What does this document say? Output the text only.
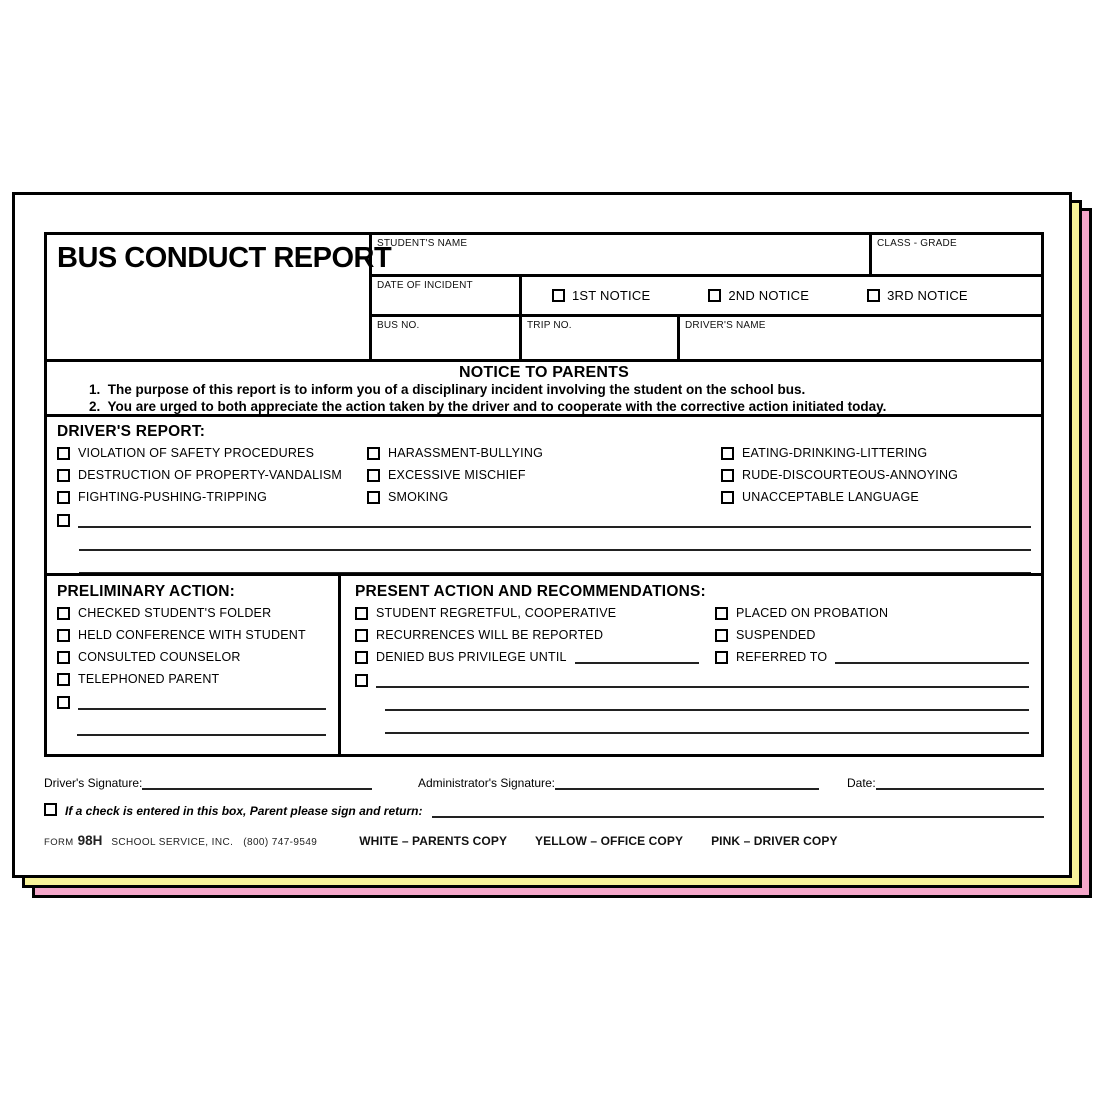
BUS CONDUCT REPORT
STUDENT'S NAME	CLASS - GRADE
DATE OF INCIDENT
1ST NOTICE	2ND NOTICE	3RD NOTICE
BUS NO.	TRIP NO.	DRIVER'S NAME
NOTICE TO PARENTS
1.  The purpose of this report is to inform you of a disciplinary incident involving the student on the school bus.
2.  You are urged to both appreciate the action taken by the driver and to cooperate with the corrective action initiated today.
DRIVER'S REPORT:
VIOLATION OF SAFETY PROCEDURES
DESTRUCTION OF PROPERTY-VANDALISM
FIGHTING-PUSHING-TRIPPING
HARASSMENT-BULLYING
EXCESSIVE MISCHIEF
SMOKING
EATING-DRINKING-LITTERING
RUDE-DISCOURTEOUS-ANNOYING
UNACCEPTABLE LANGUAGE
PRELIMINARY ACTION:
CHECKED STUDENT'S FOLDER
HELD CONFERENCE WITH STUDENT
CONSULTED COUNSELOR
TELEPHONED PARENT
PRESENT ACTION AND RECOMMENDATIONS:
STUDENT REGRETFUL, COOPERATIVE	PLACED ON PROBATION
RECURRENCES WILL BE REPORTED	SUSPENDED
DENIED BUS PRIVILEGE UNTIL	REFERRED TO
Driver's Signature:	Administrator's Signature:	Date:
If a check is entered in this box, Parent please sign and return:
FORM 98H SCHOOL SERVICE, INC. (800) 747-9549	WHITE – PARENTS COPY YELLOW – OFFICE COPY PINK – DRIVER COPY
